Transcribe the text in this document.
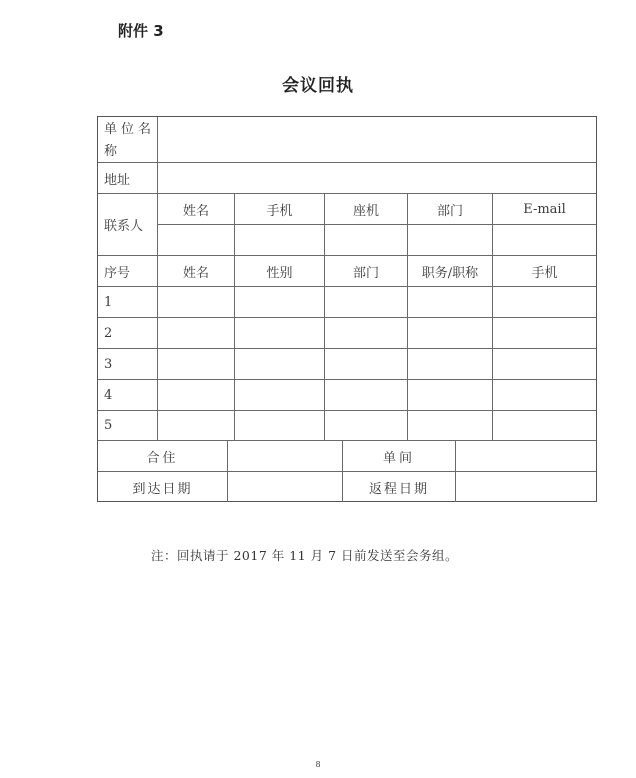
附件 3
会议回执
单位名称
地址
联系人
姓名	手机	座机	部门	E-mail
序号	姓名	性别	部门	职务/职称	手机
1
2
3
4
5
合住	单间
到达日期	返程日期
注：回执请于 2017 年 11 月 7 日前发送至会务组。
8
